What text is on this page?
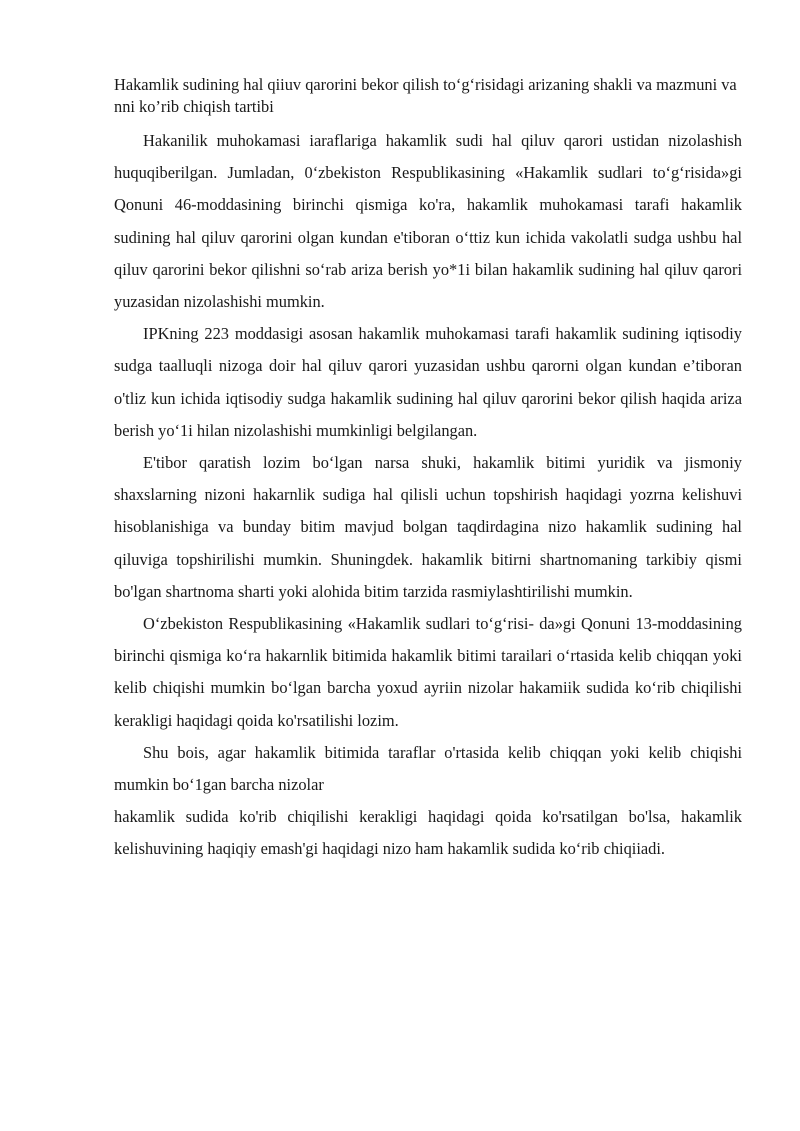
Hakamlik sudining hal qiiuv qarorini bekor qilish to‘g‘risidagi arizaning shakli va mazmuni va nni ko’rib chiqish tartibi

Hakanilik muhokamasi iaraflariga hakamlik sudi hal qiluv qarori ustidan nizolashish huquqiberilgan. Jumladan, 0‘zbekiston Respublikasining «Hakamlik sudlari to‘g‘risida»gi Qonuni 46-moddasining birinchi qismiga ko'ra, hakamlik muhokamasi tarafi hakamlik sudining hal qiluv qarorini olgan kundan e'tiboran o‘ttiz kun ichida vakolatli sudga ushbu hal qiluv qarorini bekor qilishni so‘rab ariza berish yo*1i bilan hakamlik sudining hal qiluv qarori yuzasidan nizolashishi mumkin.

IPKning 223 moddasigi asosan hakamlik muhokamasi tarafi hakamlik sudining iqtisodiy sudga taalluqli nizoga doir hal qiluv qarori yuzasidan ushbu qarorni olgan kundan e’tiboran o'tliz kun ichida iqtisodiy sudga hakamlik sudining hal qiluv qarorini bekor qilish haqida ariza berish yo‘1i hilan nizolashishi mumkinligi belgilangan.

E'tibor qaratish lozim bo‘lgan narsa shuki, hakamlik bitimi yuridik va jismoniy shaxslarning nizoni hakarnlik sudiga hal qilisli uchun topshirish haqidagi yozrna kelishuvi hisoblanishiga va bunday bitim mavjud bolgan taqdirdagina nizo hakamlik sudining hal qiluviga topshirilishi mumkin. Shuningdek. hakamlik bitirni shartnomaning tarkibiy qismi bo'lgan shartnoma sharti yoki alohida bitim tarzida rasmiylashtirilishi mumkin.

O‘zbekiston Respublikasining «Hakamlik sudlari to‘g‘risi- da»gi Qonuni 13-moddasining birinchi qismiga ko‘ra hakarnlik bitimida hakamlik bitimi tarailari o‘rtasida kelib chiqqan yoki kelib chiqishi mumkin bo‘lgan barcha yoxud ayriin nizolar hakamiik sudida ko‘rib chiqilishi kerakligi haqidagi qoida ko'rsatilishi lozim.

Shu bois, agar hakamlik bitimida taraflar o'rtasida kelib chiqqan yoki kelib chiqishi mumkin bo‘1gan barcha nizolar

hakamlik sudida ko'rib chiqilishi kerakligi haqidagi qoida ko'rsatilgan bo'lsa, hakamlik kelishuvining haqiqiy emash'gi haqidagi nizo ham hakamlik sudida ko‘rib chiqiiadi.
